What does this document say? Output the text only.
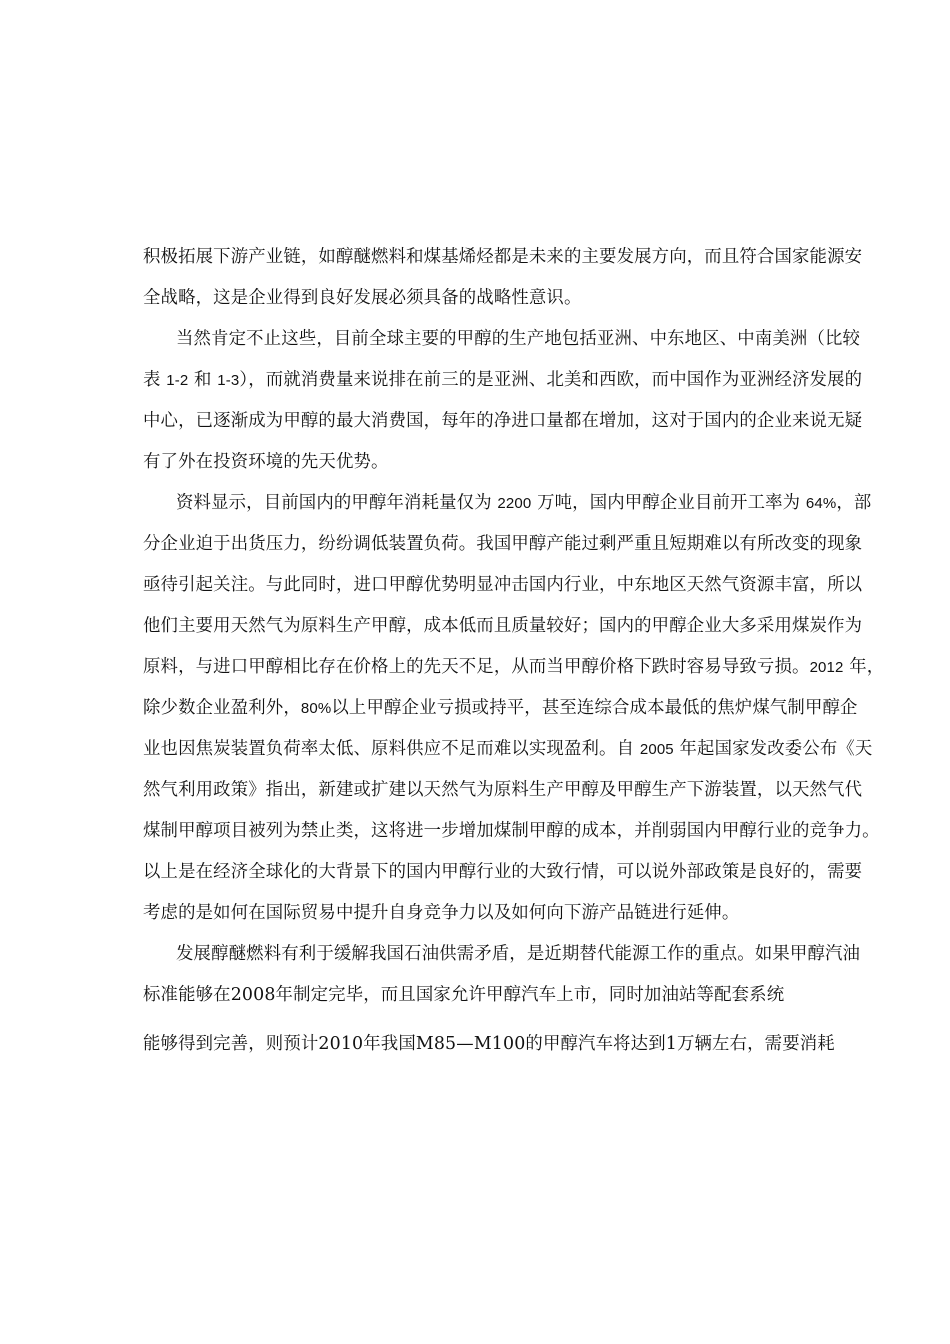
积极拓展下游产业链，如醇醚燃料和煤基烯烃都是未来的主要发展方向，而且符合国家能源安
全战略，这是企业得到良好发展必须具备的战略性意识。
当然肯定不止这些，目前全球主要的甲醇的生产地包括亚洲、中东地区、中南美洲（比较
表 1-2 和 1-3），而就消费量来说排在前三的是亚洲、北美和西欧，而中国作为亚洲经济发展的
中心，已逐渐成为甲醇的最大消费国，每年的净进口量都在增加，这对于国内的企业来说无疑
有了外在投资环境的先天优势。
资料显示，目前国内的甲醇年消耗量仅为 2200 万吨，国内甲醇企业目前开工率为 64%，部
分企业迫于出货压力，纷纷调低装置负荷。我国甲醇产能过剩严重且短期难以有所改变的现象
亟待引起关注。与此同时，进口甲醇优势明显冲击国内行业，中东地区天然气资源丰富，所以
他们主要用天然气为原料生产甲醇，成本低而且质量较好；国内的甲醇企业大多采用煤炭作为
原料，与进口甲醇相比存在价格上的先天不足，从而当甲醇价格下跌时容易导致亏损。2012 年，
除少数企业盈利外，80%以上甲醇企业亏损或持平，甚至连综合成本最低的焦炉煤气制甲醇企
业也因焦炭装置负荷率太低、原料供应不足而难以实现盈利。自 2005 年起国家发改委公布《天
然气利用政策》指出，新建或扩建以天然气为原料生产甲醇及甲醇生产下游装置，以天然气代
煤制甲醇项目被列为禁止类，这将进一步增加煤制甲醇的成本，并削弱国内甲醇行业的竞争力。
以上是在经济全球化的大背景下的国内甲醇行业的大致行情，可以说外部政策是良好的，需要
考虑的是如何在国际贸易中提升自身竞争力以及如何向下游产品链进行延伸。
发展醇醚燃料有利于缓解我国石油供需矛盾，是近期替代能源工作的重点。如果甲醇汽油
标准能够在2008年制定完毕，而且国家允许甲醇汽车上市，同时加油站等配套系统
能够得到完善，则预计2010年我国M85—M100的甲醇汽车将达到1万辆左右，需要消耗
